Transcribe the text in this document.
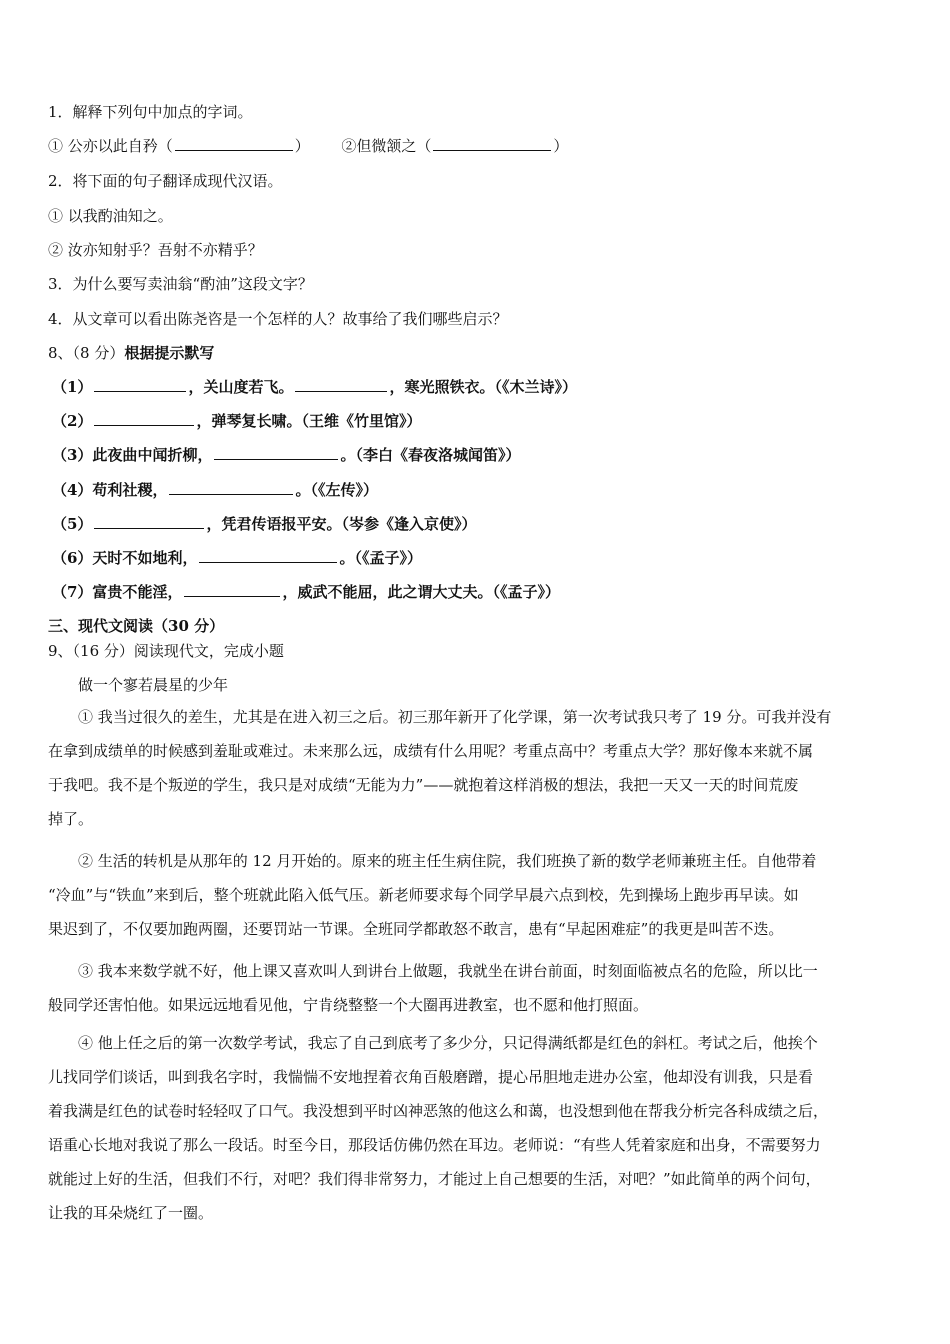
1．解释下列句中加点的字词。
① 公亦以此自矜（	） ②但微颔之（	）
2．将下面的句子翻译成现代汉语。
① 以我酌油知之。
② 汝亦知射乎？吾射不亦精乎？
3．为什么要写卖油翁“酌油”这段文字？
4．从文章可以看出陈尧咨是一个怎样的人？故事给了我们哪些启示？
8、（8 分）根据提示默写
（1）	，关山度若飞。	，寒光照铁衣。（《木兰诗》）
（2）	，弹琴复长啸。（王维《竹里馆》）
（3）此夜曲中闻折柳，	。（李白《春夜洛城闻笛》）
（4）苟利社稷，	。（《左传》）
（5）	，凭君传语报平安。（岑参《逢入京使》）
（6）天时不如地利，	。（《孟子》）
（7）富贵不能淫，	，威武不能屈，此之谓大丈夫。（《孟子》）
三、现代文阅读（30 分）
9、（16 分）阅读现代文，完成小题
做一个寥若晨星的少年
① 我当过很久的差生，尤其是在进入初三之后。初三那年新开了化学课，第一次考试我只考了 19 分。可我并没有
在拿到成绩单的时候感到羞耻或难过。未来那么远，成绩有什么用呢？考重点高中？考重点大学？那好像本来就不属
于我吧。我不是个叛逆的学生，我只是对成绩“无能为力”——就抱着这样消极的想法，我把一天又一天的时间荒废
掉了。
② 生活的转机是从那年的 12 月开始的。原来的班主任生病住院，我们班换了新的数学老师兼班主任。自他带着
“冷血”与“铁血”来到后，整个班就此陷入低气压。新老师要求每个同学早晨六点到校，先到操场上跑步再早读。如
果迟到了，不仅要加跑两圈，还要罚站一节课。全班同学都敢怒不敢言，患有“早起困难症”的我更是叫苦不迭。
③ 我本来数学就不好，他上课又喜欢叫人到讲台上做题，我就坐在讲台前面，时刻面临被点名的危险，所以比一
般同学还害怕他。如果远远地看见他，宁肯绕整整一个大圈再进教室，也不愿和他打照面。
④ 他上任之后的第一次数学考试，我忘了自己到底考了多少分，只记得满纸都是红色的斜杠。考试之后，他挨个
儿找同学们谈话，叫到我名字时，我惴惴不安地捏着衣角百般磨蹭，提心吊胆地走进办公室，他却没有训我，只是看
着我满是红色的试卷时轻轻叹了口气。我没想到平时凶神恶煞的他这么和蔼，也没想到他在帮我分析完各科成绩之后，
语重心长地对我说了那么一段话。时至今日，那段话仿佛仍然在耳边。老师说：“有些人凭着家庭和出身，不需要努力
就能过上好的生活，但我们不行，对吧？我们得非常努力，才能过上自己想要的生活，对吧？”如此简单的两个问句，
让我的耳朵烧红了一圈。
